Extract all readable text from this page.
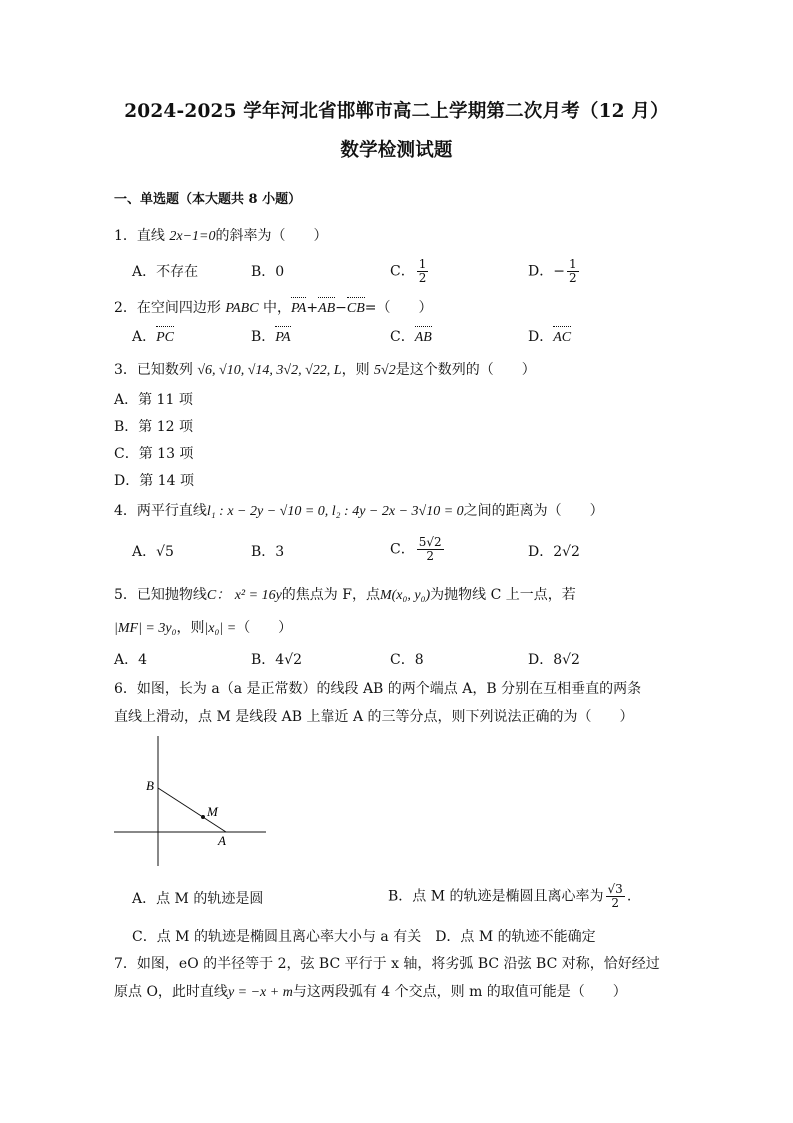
2024-2025 学年河北省邯郸市高二上学期第二次月考（12 月）
数学检测试题
一、单选题（本大题共 8 小题）
1．直线 2x−1=0的斜率为（　　）
A．不存在	B．0	C． $\frac{1}{2}$	D．− $\frac{1}{2}$
2．在空间四边形 PABC 中，PA+AB−CB=（　　）
A．PC	B．PA	C．AB	D．AC
3．已知数列 √6, √10, √14, 3√2, √22, L，则 5√2是这个数列的（　　）
A．第 11 项
B．第 12 项
C．第 13 项
D．第 14 项
4．两平行直线l₁ : x − 2y − √10 = 0, l₂ : 4y − 2x − 3√10 = 0之间的距离为（　　）
A．√5	B．3	C． $\frac{5√2}{2}$	D．2√2
5．已知抛物线C： x² = 16y的焦点为 F，点M(x₀, y₀)为抛物线 C 上一点，若
|MF| = 3y₀，则|x₀| =（　　）
A．4	B．4√2	C．8	D．8√2
6．如图，长为 a（a 是正常数）的线段 AB 的两个端点 A，B 分别在互相垂直的两条
直线上滑动，点 M 是线段 AB 上靠近 A 的三等分点，则下列说法正确的为（　　）
B
M
A
A．点 M 的轨迹是圆	B．点 M 的轨迹是椭圆且离心率为 $\frac{√3}{2}$ .
C．点 M 的轨迹是椭圆且离心率大小与 a 有关　D．点 M 的轨迹不能确定
7．如图，eO 的半径等于 2，弦 BC 平行于 x 轴，将劣弧 BC 沿弦 BC 对称，恰好经过
原点 O，此时直线y = −x + m与这两段弧有 4 个交点，则 m 的取值可能是（　　）
